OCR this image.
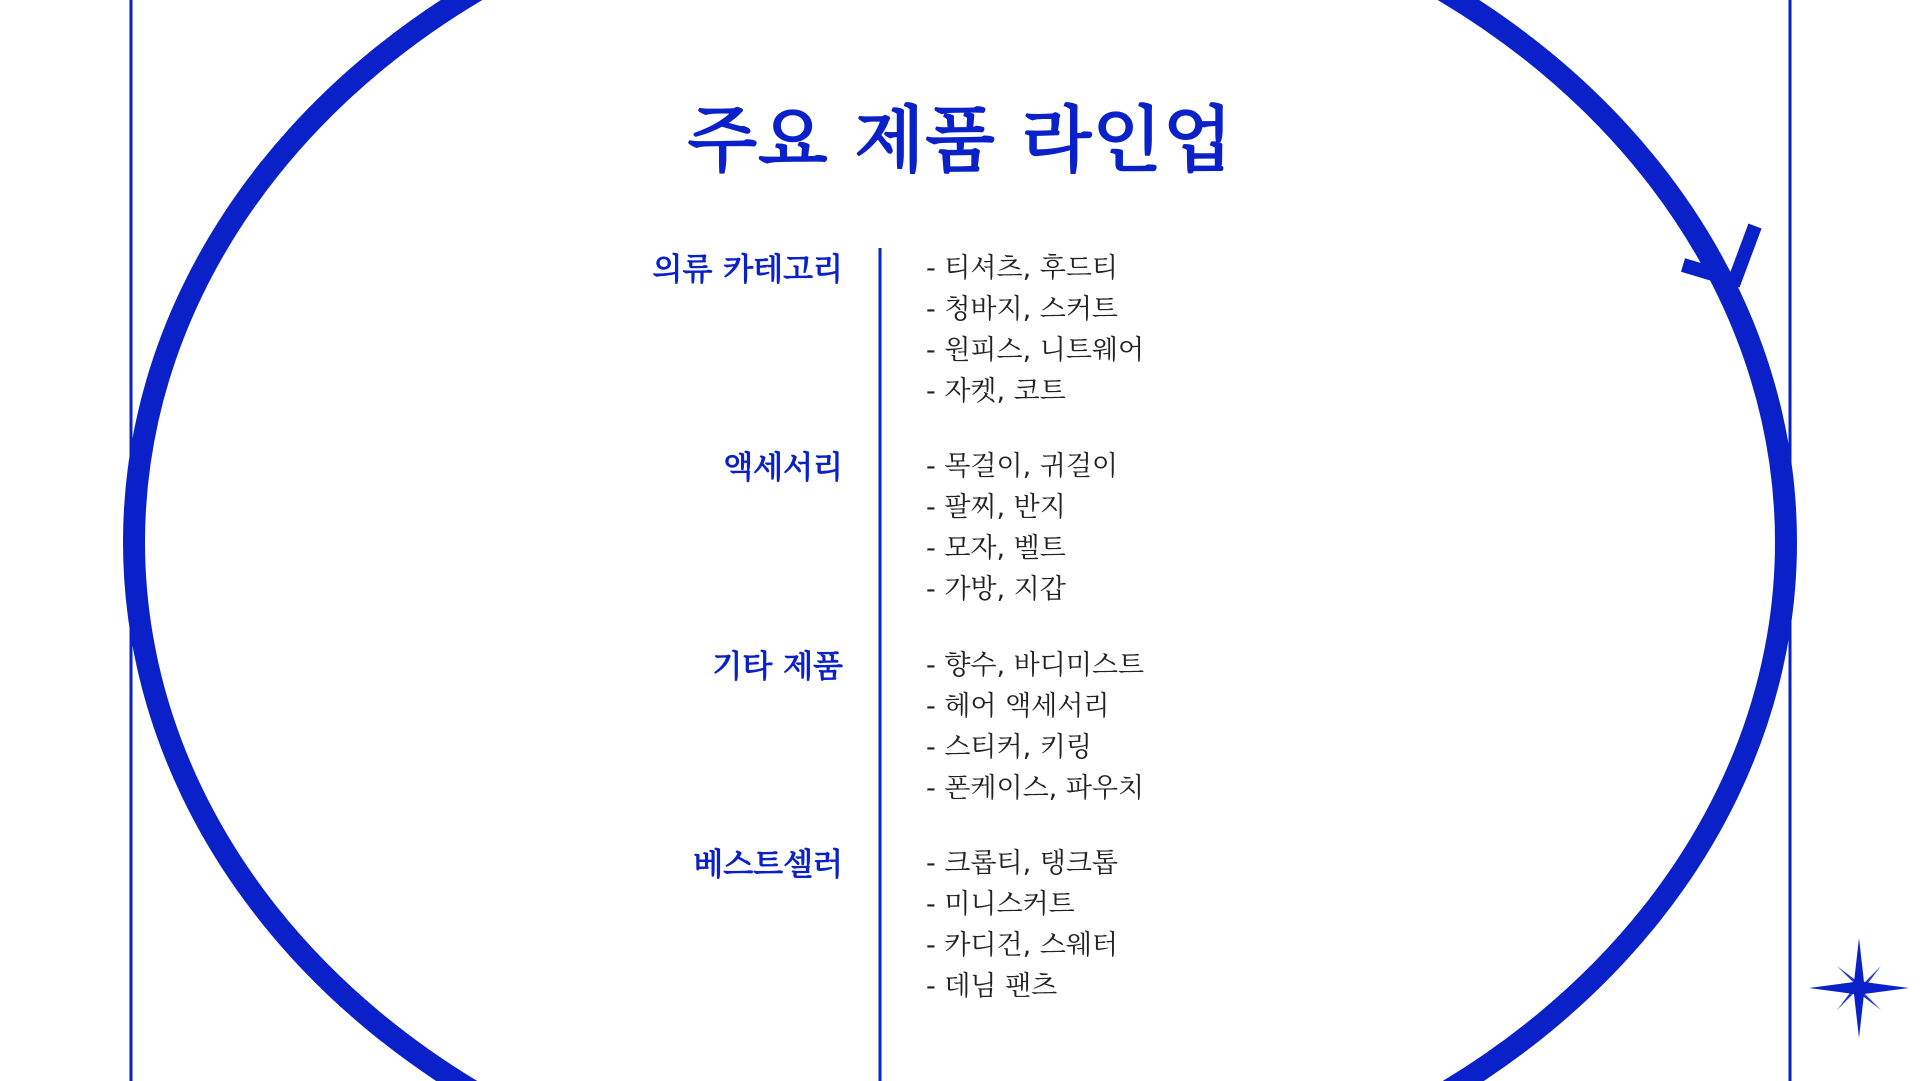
주요 제품 라인업
의류 카테고리	- 티셔츠, 후드티
- 청바지, 스커트
- 원피스, 니트웨어
- 자켓, 코트
액세서리	- 목걸이, 귀걸이
- 팔찌, 반지
- 모자, 벨트
- 가방, 지갑
기타 제품	- 향수, 바디미스트
- 헤어 액세서리
- 스티커, 키링
- 폰케이스, 파우치
베스트셀러	- 크롭티, 탱크톱
- 미니스커트
- 카디건, 스웨터
- 데님 팬츠
